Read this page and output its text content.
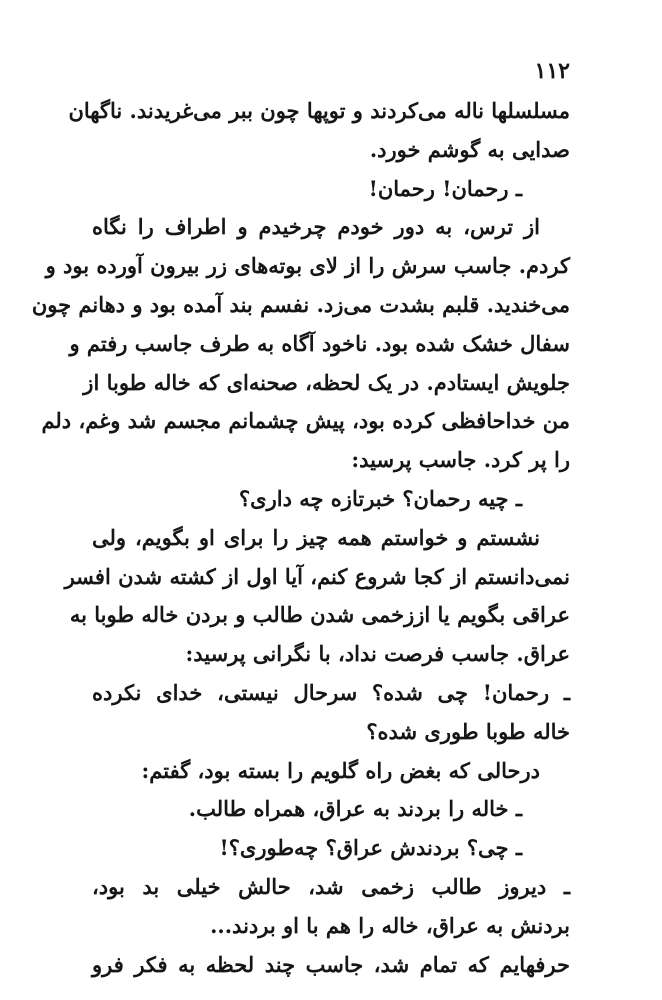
۱۱۲
مسلسلها ناله می‌کردند و توپها چون ببر می‌غریدند. ناگهان
صدایی به گوشم خورد.
ـ رحمان! رحمان!
از ترس، به دور خودم چرخیدم و اطراف را نگاه
کردم. جاسب سرش را از لای بوته‌های زر بیرون آورده بود و
می‌خندید. قلبم بشدت می‌زد. نفسم بند آمده بود و دهانم چون
سفال خشک شده بود. ناخود آگاه به طرف جاسب رفتم و
جلویش ایستادم. در یک لحظه، صحنه‌ای که خاله طوبا از
من خداحافظی کرده بود، پیش چشمانم مجسم شد وغم، دلم
را پر کرد. جاسب پرسید:
ـ چیه رحمان؟ خبرتازه چه داری؟
نشستم و خواستم همه چیز را برای او بگویم، ولی
نمی‌دانستم از کجا شروع کنم، آیا اول از کشته شدن افسر
عراقی بگویم یا اززخمی شدن طالب و بردن خاله طوبا به
عراق. جاسب فرصت نداد، با نگرانی پرسید:
ـ رحمان! چی شده؟ سرحال نیستی، خدای نکرده
خاله طوبا طوری شده؟
درحالی که بغض راه گلویم را بسته بود، گفتم:
ـ خاله را بردند به عراق، همراه طالب.
ـ چی؟ بردندش عراق؟ چه‌طوری؟!
ـ دیروز طالب زخمی شد، حالش خیلی بد بود،
بردنش به عراق، خاله را هم با او بردند...
حرفهایم که تمام شد، جاسب چند لحظه به فکر فرو
